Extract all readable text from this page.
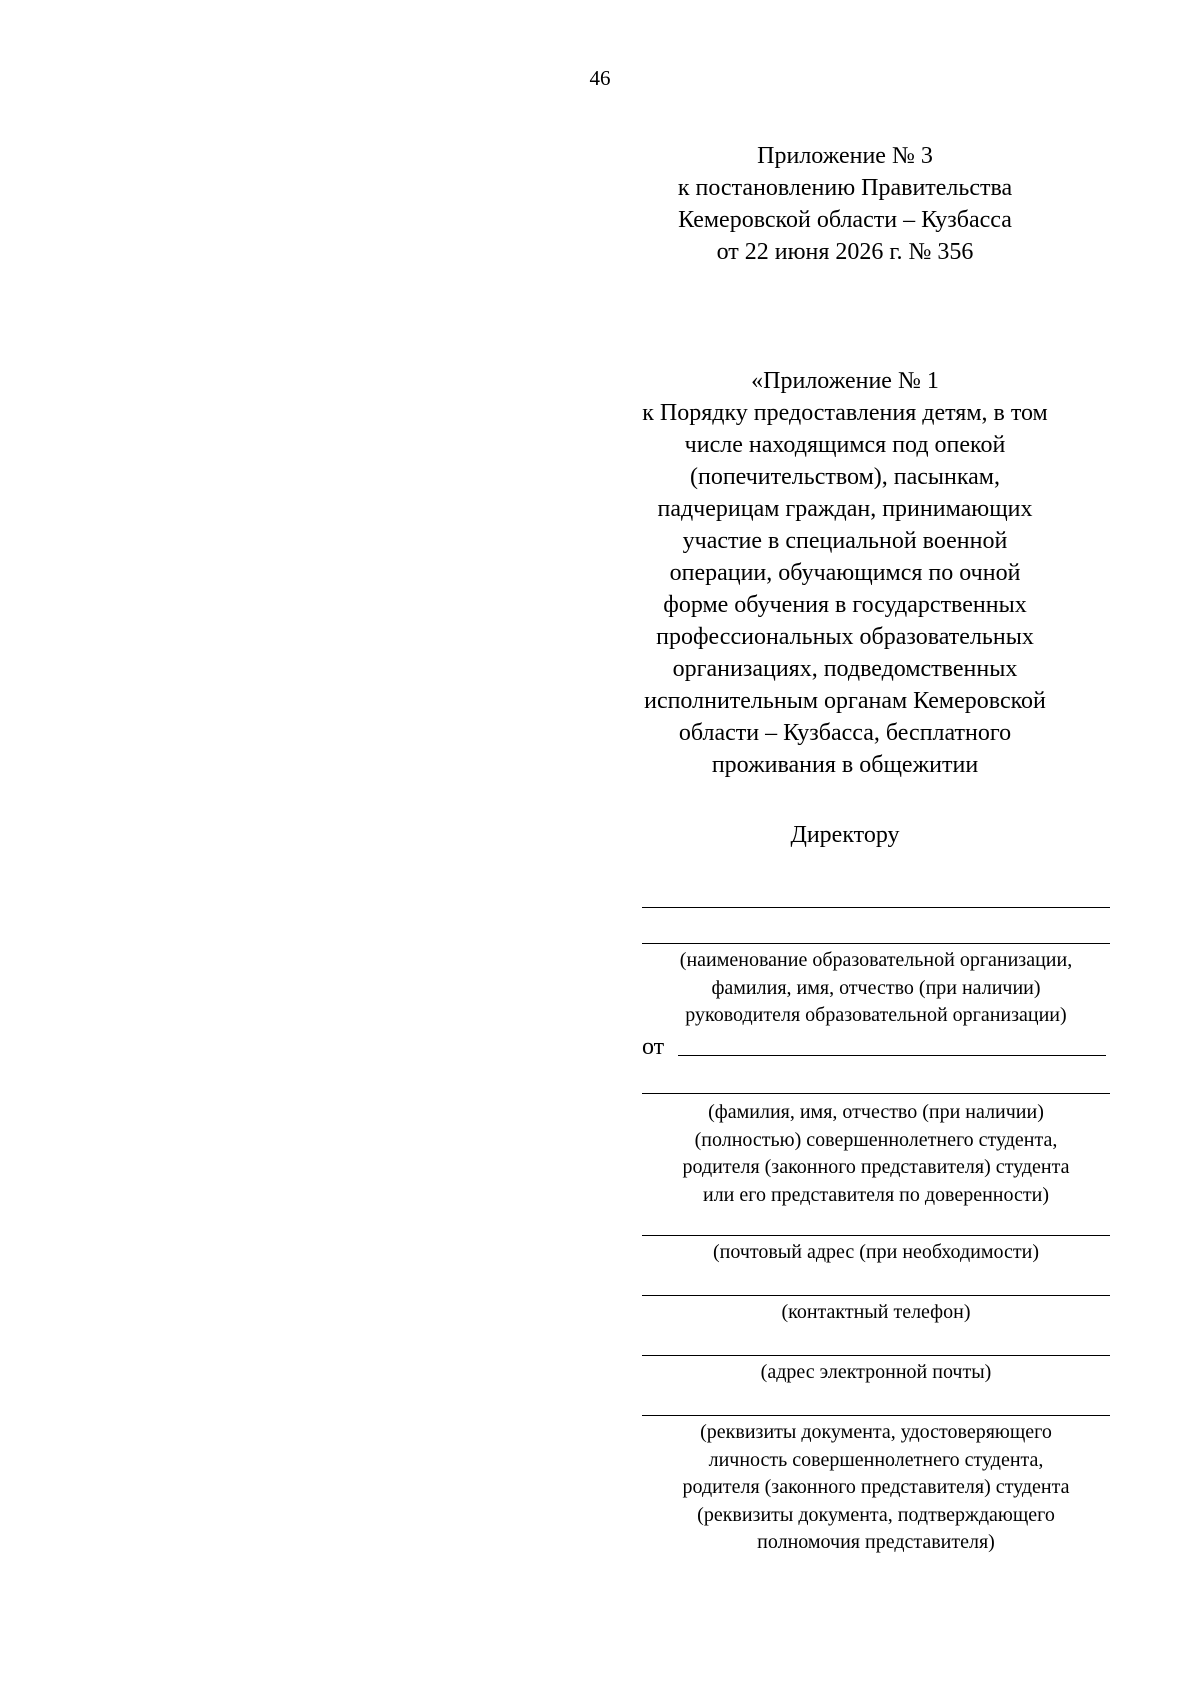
46
Приложение № 3
к постановлению Правительства
Кемеровской области – Кузбасса
от 22 июня 2026 г. № 356
«Приложение № 1
к Порядку предоставления детям, в том
числе находящимся под опекой
(попечительством), пасынкам,
падчерицам граждан, принимающих
участие в специальной военной
операции, обучающимся по очной
форме обучения в государственных
профессиональных образовательных
организациях, подведомственных
исполнительным органам Кемеровской
области – Кузбасса, бесплатного
проживания в общежитии
Директору
(наименование образовательной организации,
фамилия, имя, отчество (при наличии)
руководителя образовательной организации)
от
(фамилия, имя, отчество (при наличии)
(полностью) совершеннолетнего студента,
родителя (законного представителя) студента
или его представителя по доверенности)
(почтовый адрес (при необходимости)
(контактный телефон)
(адрес электронной почты)
(реквизиты документа, удостоверяющего
личность совершеннолетнего студента,
родителя (законного представителя) студента
(реквизиты документа, подтверждающего
полномочия представителя)
